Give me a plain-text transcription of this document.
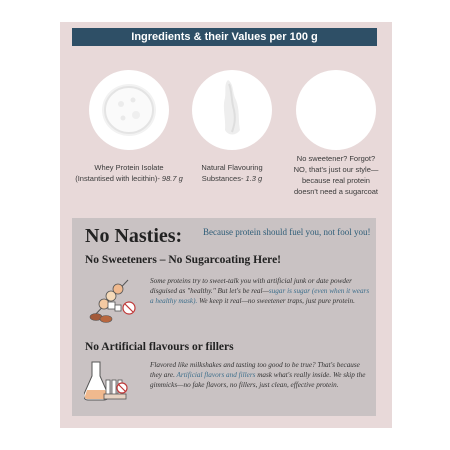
Ingredients & their Values per 100 g
Whey Protein Isolate
(Instantised with lecithin)- 98.7 g
Natural Flavouring
Substances- 1.3 g
No sweetener? Forgot?
NO, that's just our style—
because real protein
doesn't need a sugarcoat
No Nasties: Because protein should fuel you, not fool you!
No Sweeteners – No Sugarcoating Here!
Some proteins try to sweet-talk you with artificial junk or date powder disguised as "healthy." But let's be real—sugar is sugar (even when it wears a healthy mask). We keep it real—no sweetener traps, just pure protein.
No Artificial flavours or fillers
Flavored like milkshakes and tasting too good to be true? That's because they are. Artificial flavors and fillers mask what's really inside. We skip the gimmicks—no fake flavors, no fillers, just clean, effective protein.
